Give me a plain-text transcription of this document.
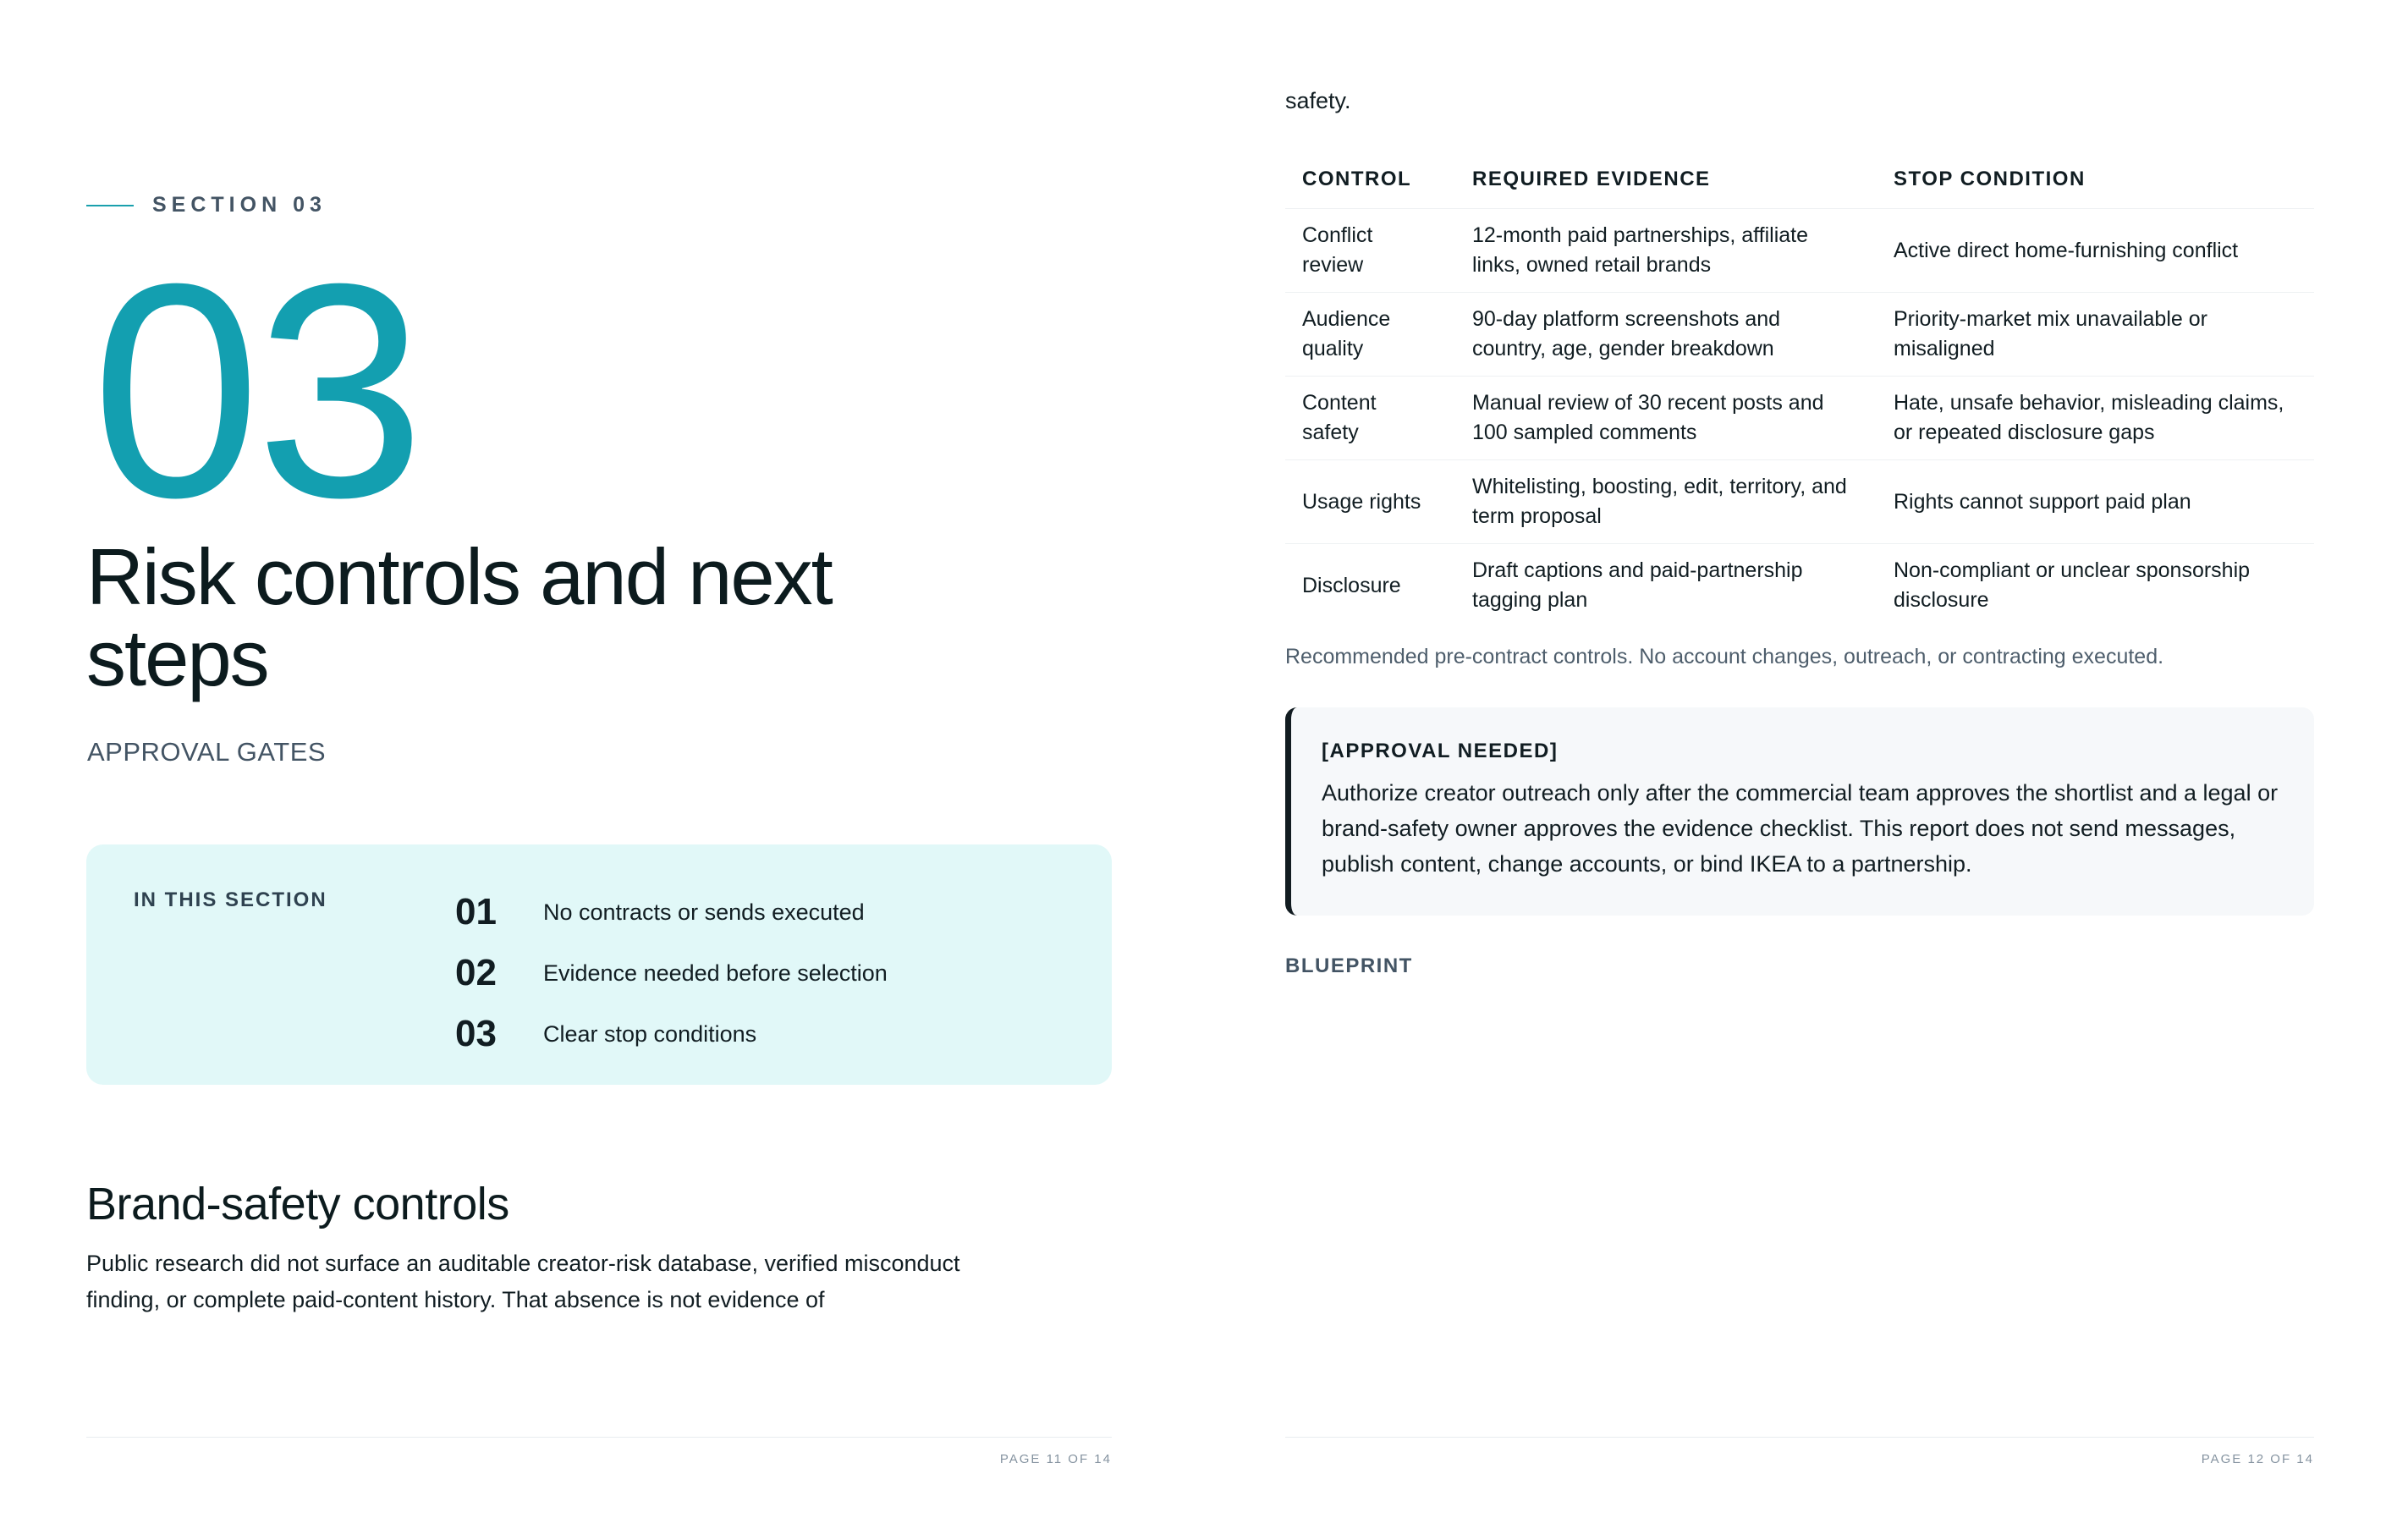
SECTION 03
03
Risk controls and next steps
APPROVAL GATES
IN THIS SECTION	01	No contracts or sends executed
02	Evidence needed before selection
03	Clear stop conditions
Brand-safety controls

Public research did not surface an auditable creator-risk database, verified misconduct finding, or complete paid-content history. That absence is not evidence of

PAGE 11 OF 14
safety.
CONTROL	REQUIRED EVIDENCE	STOP CONDITION
Conflict review	12-month paid partnerships, affiliate links, owned retail brands	Active direct home-furnishing conflict
Audience quality	90-day platform screenshots and country, age, gender breakdown	Priority-market mix unavailable or misaligned
Content safety	Manual review of 30 recent posts and 100 sampled comments	Hate, unsafe behavior, misleading claims, or repeated disclosure gaps
Usage rights	Whitelisting, boosting, edit, territory, and term proposal	Rights cannot support paid plan
Disclosure	Draft captions and paid-partnership tagging plan	Non-compliant or unclear sponsorship disclosure
Recommended pre-contract controls. No account changes, outreach, or contracting executed.
[APPROVAL NEEDED]
Authorize creator outreach only after the commercial team approves the shortlist and a legal or brand-safety owner approves the evidence checklist. This report does not send messages, publish content, change accounts, or bind IKEA to a partnership.
BLUEPRINT
PAGE 12 OF 14
